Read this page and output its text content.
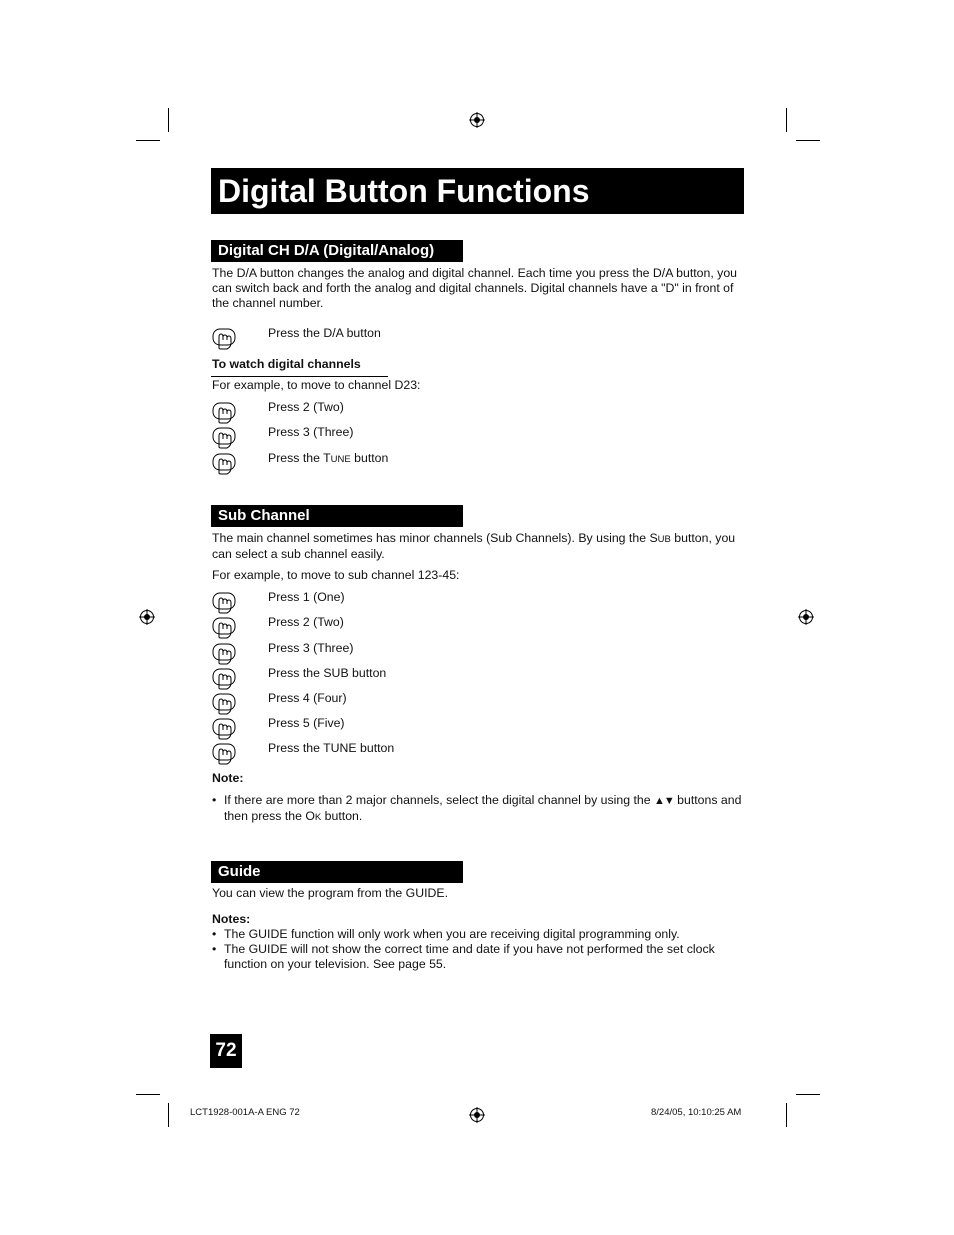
Digital Button Functions
Digital CH D/A (Digital/Analog)
The D/A button changes the analog and digital channel. Each time you press the D/A button, you can switch back and forth the analog and digital channels. Digital channels have a "D" in front of the channel number.
Press the D/A button
To watch digital channels
For example, to move to channel D23:
Press 2 (Two)
Press 3 (Three)
Press the TUNE button
Sub Channel
The main channel sometimes has minor channels (Sub Channels). By using the SUB button, you can select a sub channel easily.
For example, to move to sub channel 123-45:
Press 1 (One)
Press 2 (Two)
Press 3 (Three)
Press the SUB button
Press 4 (Four)
Press 5 (Five)
Press the TUNE button
Note:
• If there are more than 2 major channels, select the digital channel by using the ▲▼ buttons and then press the OK button.
Guide
You can view the program from the GUIDE.
Notes:
• The GUIDE function will only work when you are receiving digital programming only.
• The GUIDE will not show the correct time and date if you have not performed the set clock function on your television. See page 55.
72
LCT1928-001A-A ENG 72	8/24/05, 10:10:25 AM
